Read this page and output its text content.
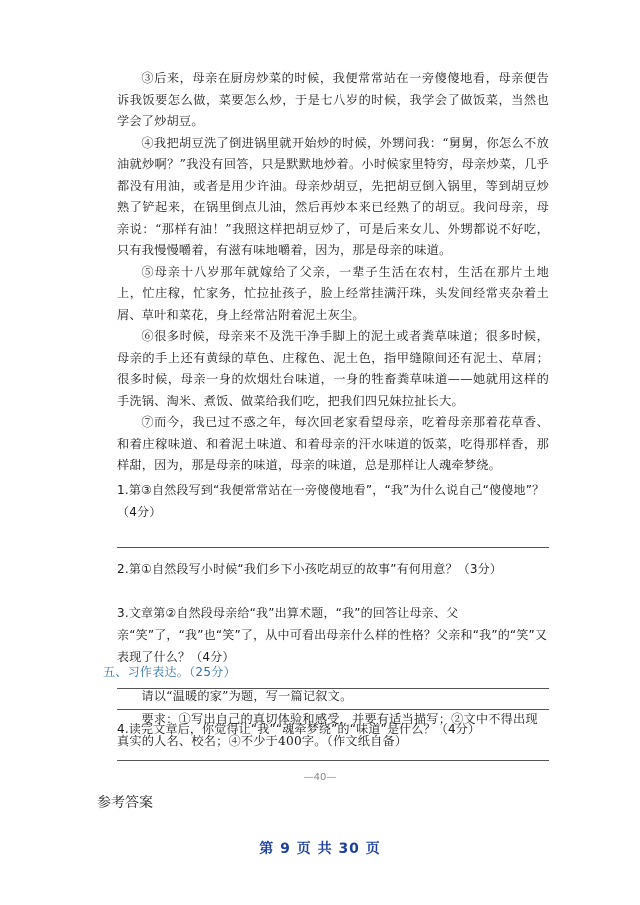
③后来，母亲在厨房炒菜的时候，我便常常站在一旁傻傻地看，母亲便告诉我饭要怎么做，菜要怎么炒，于是七八岁的时候，我学会了做饭菜，当然也学会了炒胡豆。

④我把胡豆洗了倒进锅里就开始炒的时候，外甥问我：“舅舅，你怎么不放油就炒啊？”我没有回答，只是默默地炒着。小时候家里特穷，母亲炒菜，几乎都没有用油，或者是用少许油。母亲炒胡豆，先把胡豆倒入锅里，等到胡豆炒熟了铲起来，在锅里倒点儿油，然后再炒本来已经熟了的胡豆。我问母亲，母亲说：“那样有油！”我照这样把胡豆炒了，可是后来女儿、外甥都说不好吃，只有我慢慢嚼着，有滋有味地嚼着，因为，那是母亲的味道。

⑤母亲十八岁那年就嫁给了父亲，一辈子生活在农村，生活在那片土地上，忙庄稼，忙家务，忙拉扯孩子，脸上经常挂满汗珠，头发间经常夹杂着土屑、草叶和菜花，身上经常沾附着泥土灰尘。

⑥很多时候，母亲来不及洗干净手脚上的泥土或者粪草味道；很多时候，母亲的手上还有黄绿的草色、庄稼色、泥土色，指甲缝隙间还有泥土、草屑；很多时候，母亲一身的炊烟灶台味道，一身的牲畜粪草味道——她就用这样的手洗锅、淘米、煮饭、做菜给我们吃，把我们四兄妹拉扯长大。

⑦而今，我已过不惑之年，每次回老家看望母亲，吃着母亲那着花草香、和着庄稼味道、和着泥土味道、和着母亲的汗水味道的饭菜，吃得那样香，那样甜，因为，那是母亲的味道，母亲的味道，总是那样让人魂牵梦绕。

1.第③自然段写到“我便常常站在一旁傻傻地看”，“我”为什么说自己“傻傻地”？（4分）

2.第①自然段写小时候“我们乡下小孩吃胡豆的故事”有何用意？（3分）

3.文章第②自然段母亲给“我”出算术题，“我”的回答让母亲、父亲“笑”了，“我”也“笑”了，从中可看出母亲什么样的性格？父亲和“我”的“笑”又表现了什么？（4分）

4.读完文章后，你觉得让“我”“魂牵梦绕”的“味道”是什么？（4分）

五、习作表达。（25分）
请以“温暖的家”为题，写一篇记叙文。
要求：①写出自己的真切体验和感受，并要有适当描写；②文中不得出现真实的人名、校名；④不少于400字。（作文纸自备）
—40—
参考答案
第 9 页 共 30 页
